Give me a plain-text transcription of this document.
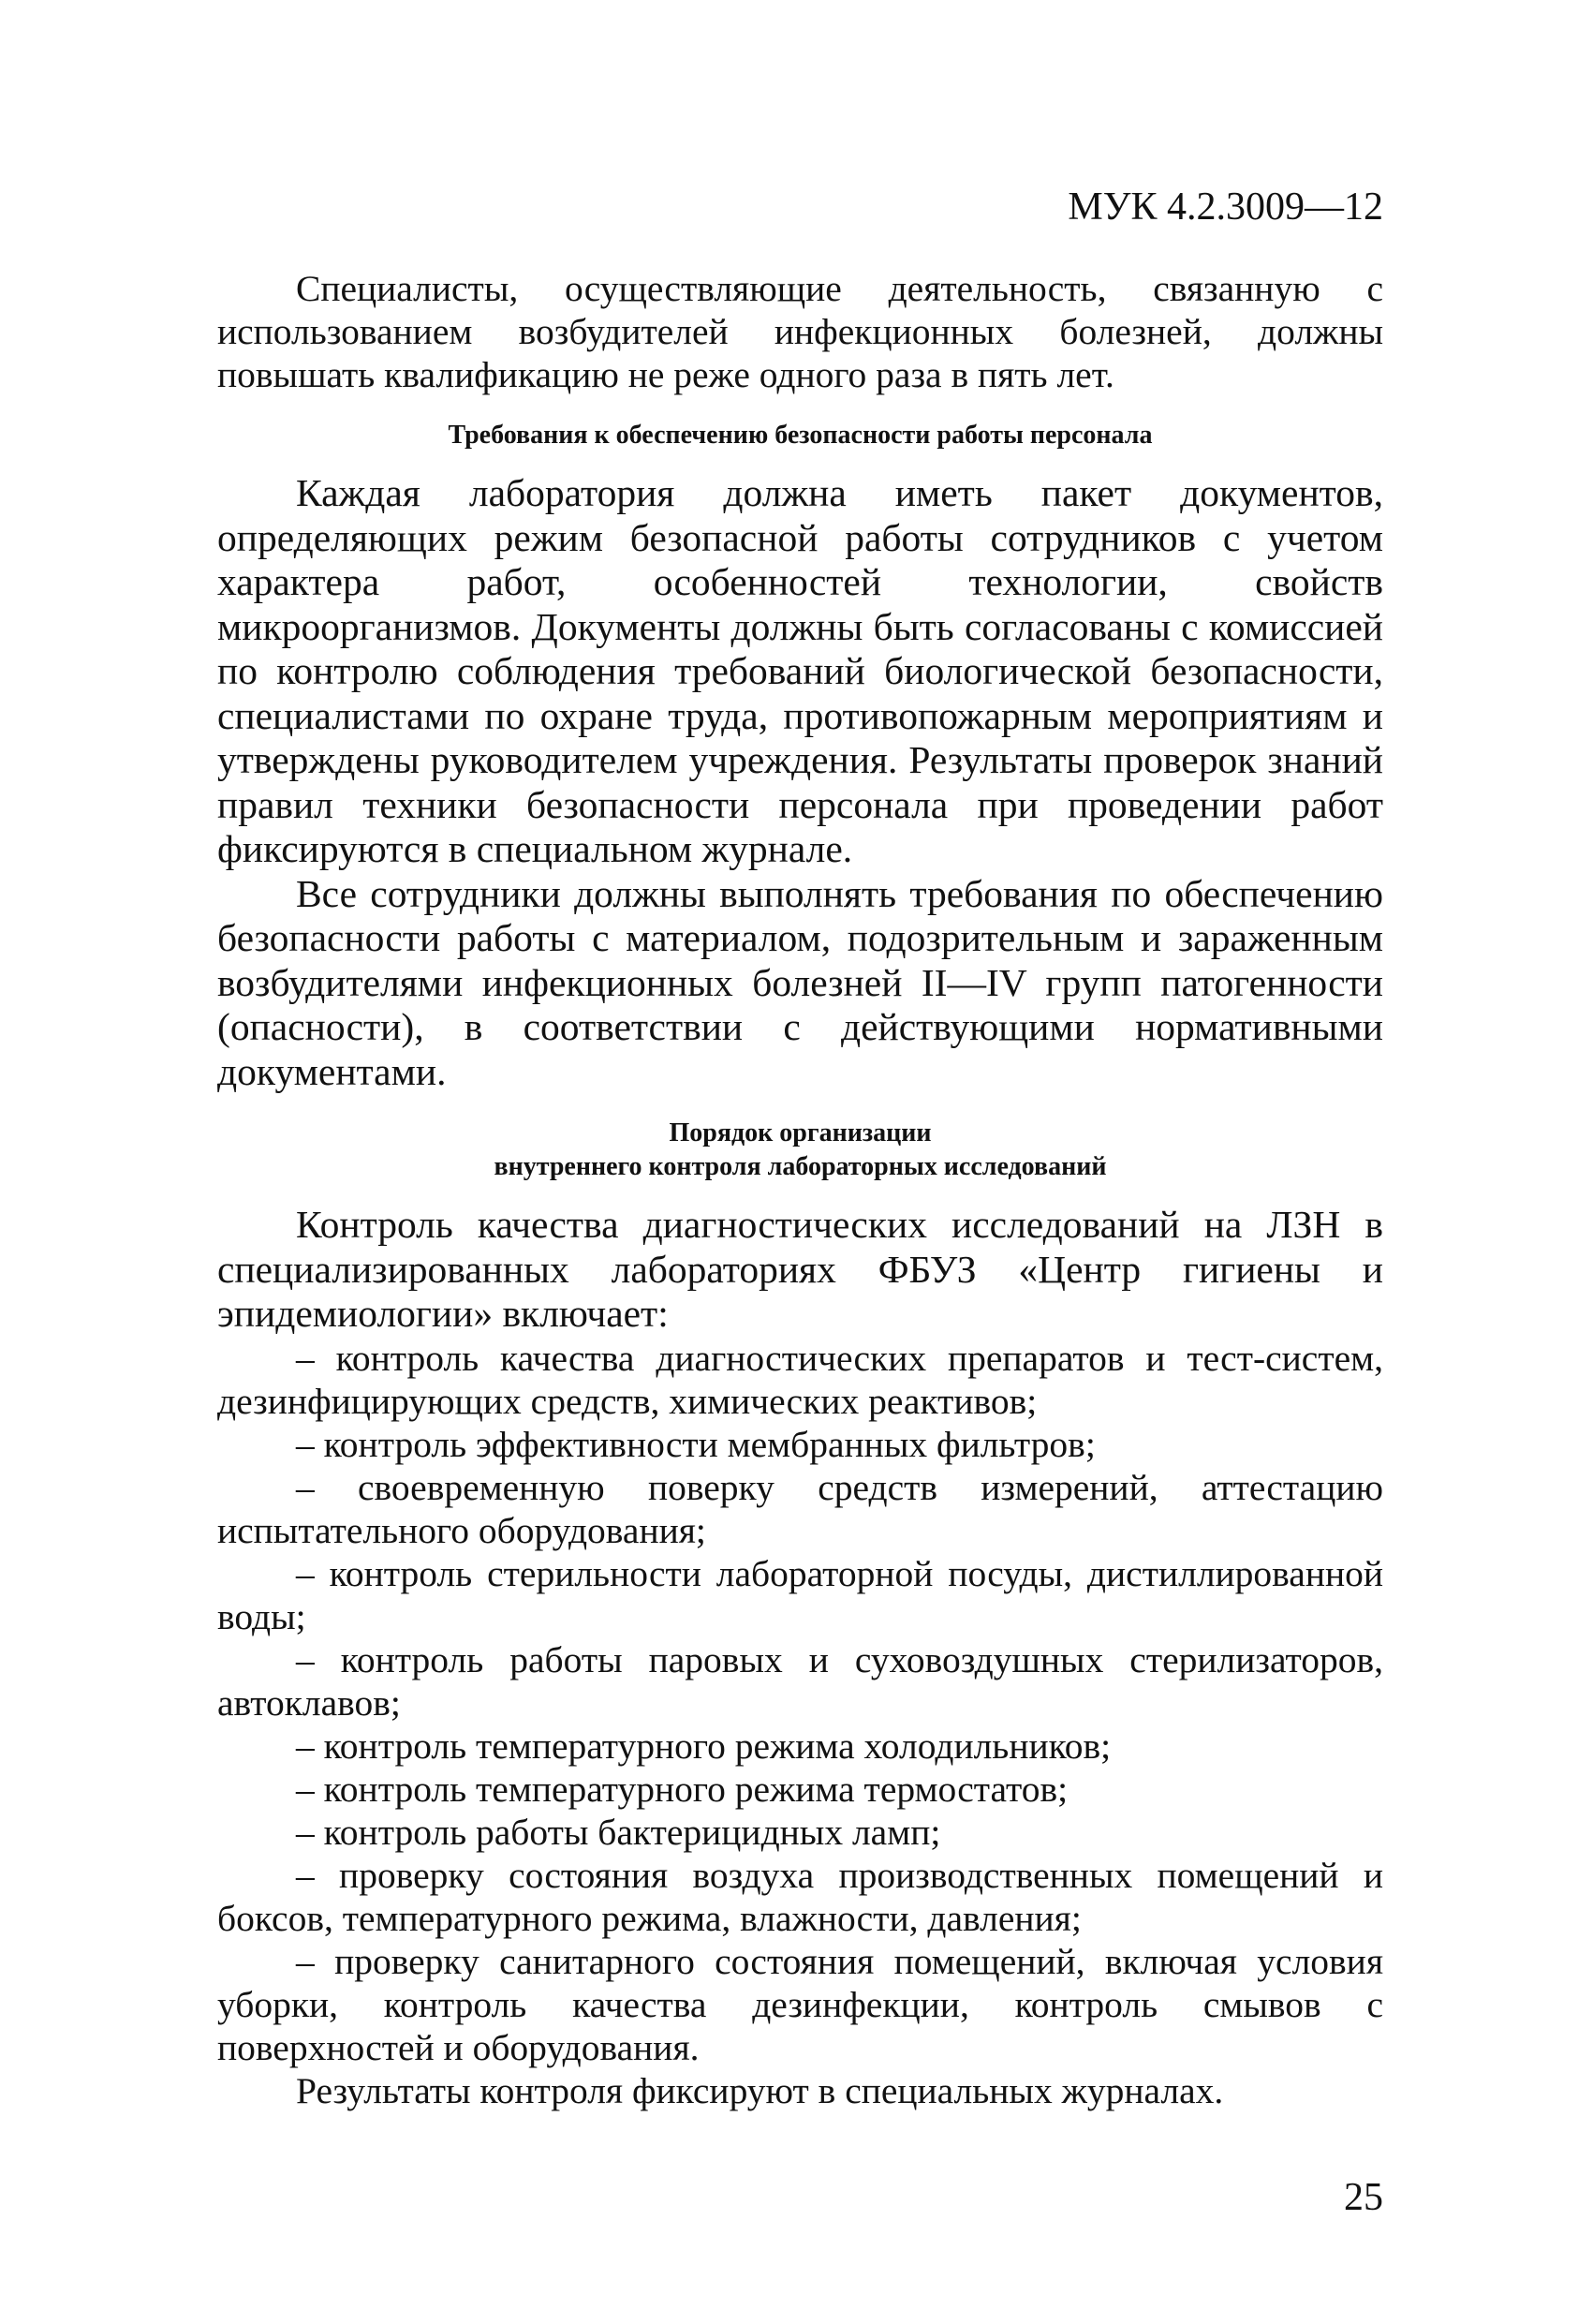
МУК 4.2.3009—12

Специалисты, осуществляющие деятельность, связанную с использованием возбудителей инфекционных болезней, должны повышать квалификацию не реже одного раза в пять лет.

Требования к обеспечению безопасности работы персонала

Каждая лаборатория должна иметь пакет документов, определяющих режим безопасной работы сотрудников с учетом характера работ, особенностей технологии, свойств микроорганизмов. Документы должны быть согласованы с комиссией по контролю соблюдения требований биологической безопасности, специалистами по охране труда, противопожарным мероприятиям и утверждены руководителем учреждения. Результаты проверок знаний правил техники безопасности персонала при проведении работ фиксируются в специальном журнале.

Все сотрудники должны выполнять требования по обеспечению безопасности работы с материалом, подозрительным и зараженным возбудителями инфекционных болезней II—IV групп патогенности (опасности), в соответствии с действующими нормативными документами.

Порядок организации
внутреннего контроля лабораторных исследований

Контроль качества диагностических исследований на ЛЗН в специализированных лабораториях ФБУЗ «Центр гигиены и эпидемиологии» включает:

– контроль качества диагностических препаратов и тест-систем, дезинфицирующих средств, химических реактивов;

– контроль эффективности мембранных фильтров;

– своевременную поверку средств измерений, аттестацию испытательного оборудования;

– контроль стерильности лабораторной посуды, дистиллированной воды;

– контроль работы паровых и суховоздушных стерилизаторов, автоклавов;

– контроль температурного режима холодильников;

– контроль температурного режима термостатов;

– контроль работы бактерицидных ламп;

– проверку состояния воздуха производственных помещений и боксов, температурного режима, влажности, давления;

– проверку санитарного состояния помещений, включая условия уборки, контроль качества дезинфекции, контроль смывов с поверхностей и оборудования.

Результаты контроля фиксируют в специальных журналах.

25
